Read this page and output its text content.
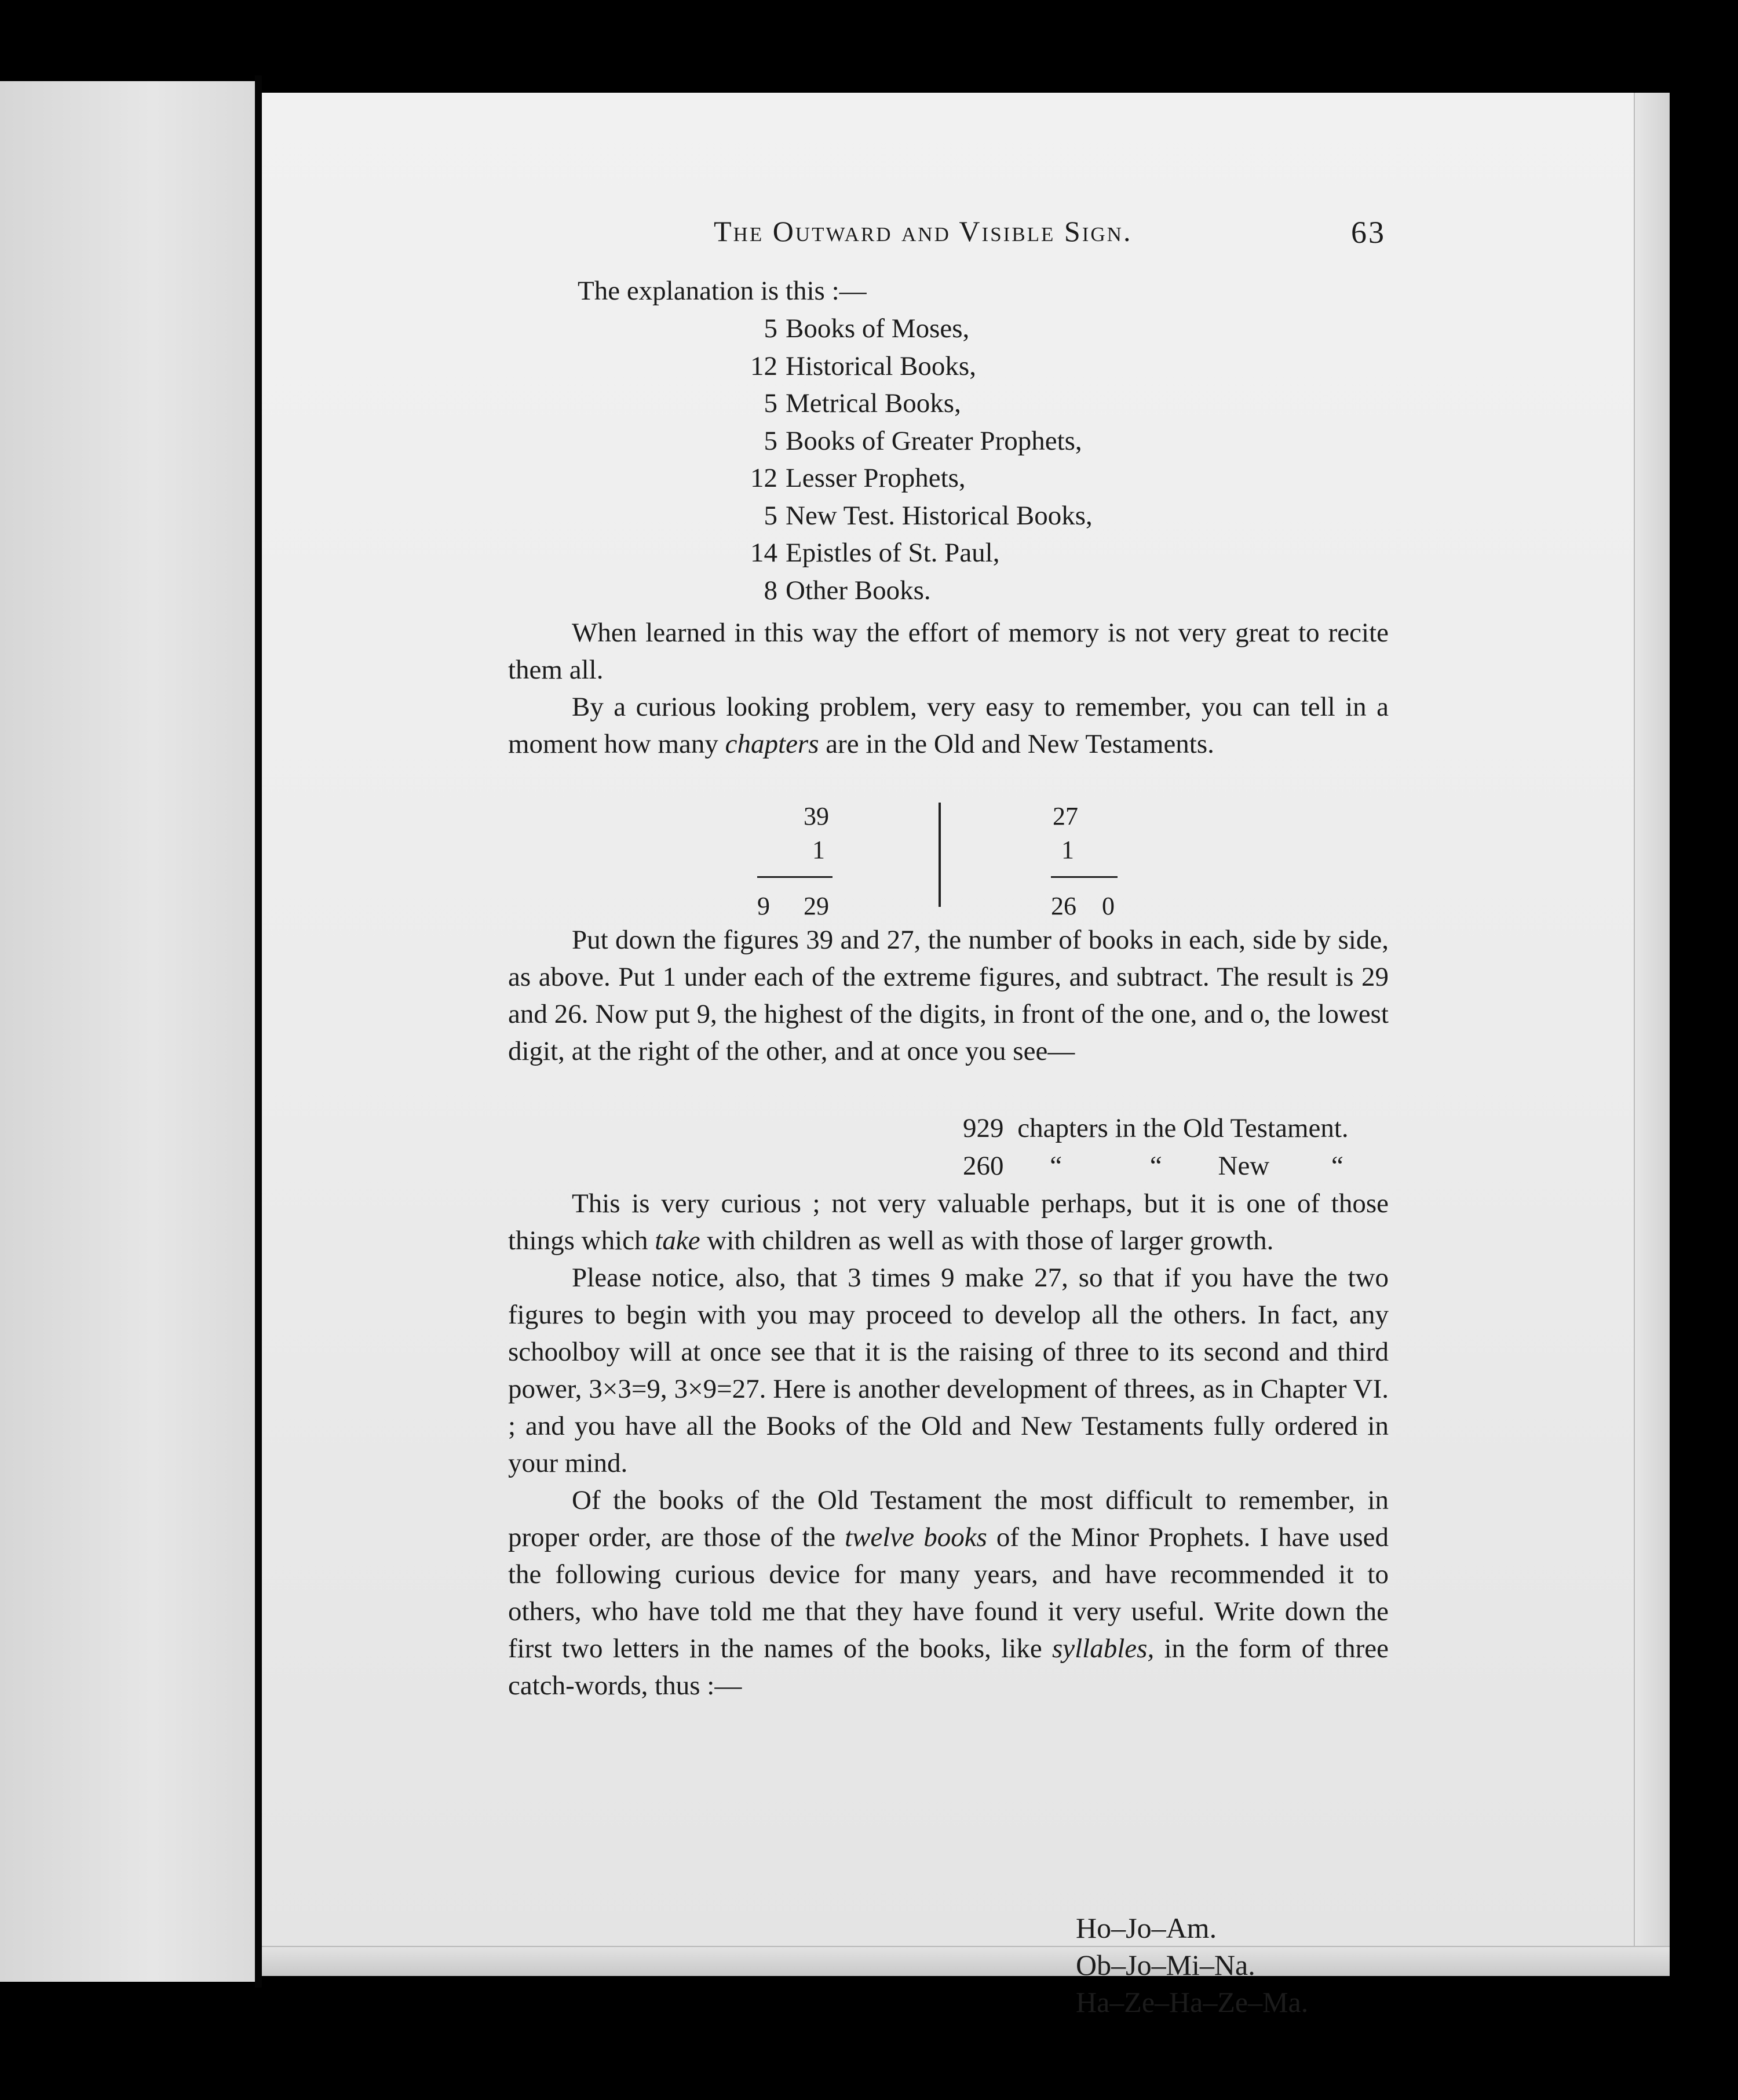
The Outward and Visible Sign.	63

The explanation is this :—

5 Books of Moses,
12 Historical Books,
5 Metrical Books,
5 Books of Greater Prophets,
12 Lesser Prophets,
5 New Test. Historical Books,
14 Epistles of St. Paul,
8 Other Books.

When learned in this way the effort of memory is not very great to recite them all.

By a curious looking problem, very easy to remember, you can tell in a moment how many chapters are in the Old and New Testaments.

39
1
9 29
27
1
26 0

Put down the figures 39 and 27, the number of books in each, side by side, as above. Put 1 under each of the extreme figures, and subtract. The result is 29 and 26. Now put 9, the highest of the digits, in front of the one, and o, the lowest digit, at the right of the other, and at once you see—

929 chapters in the Old Testament.
260 “	“ New “

This is very curious ; not very valuable perhaps, but it is one of those things which take with children as well as with those of larger growth.

Please notice, also, that 3 times 9 make 27, so that if you have the two figures to begin with you may proceed to develop all the others. In fact, any schoolboy will at once see that it is the raising of three to its second and third power, 3×3=9, 3×9=27. Here is another development of threes, as in Chapter VI. ; and you have all the Books of the Old and New Testaments fully ordered in your mind.

Of the books of the Old Testament the most difficult to remember, in proper order, are those of the twelve books of the Minor Prophets. I have used the following curious device for many years, and have recommended it to others, who have told me that they have found it very useful. Write down the first two letters in the names of the books, like syllables, in the form of three catch-words, thus :—

Ho–Jo–Am.
Ob–Jo–Mi–Na.
Ha–Ze–Ha–Ze–Ma.
